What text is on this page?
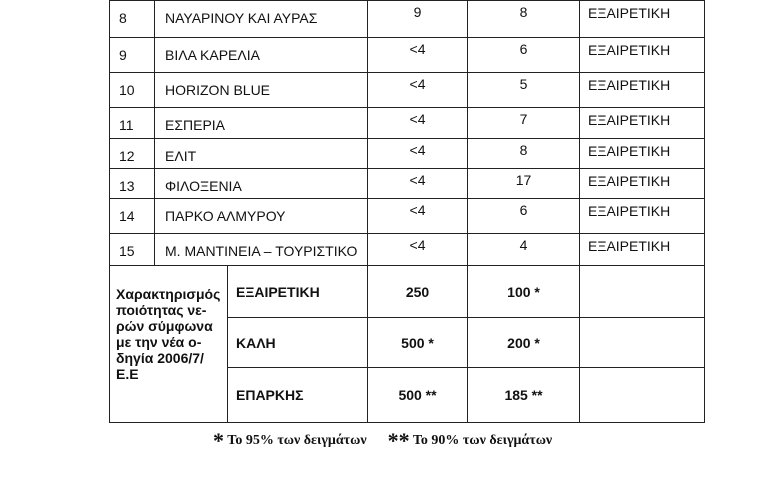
8	ΝΑΥΑΡΙΝΟΥ ΚΑΙ ΑΥΡΑΣ		9	8	ΕΞΑΙΡΕΤΙΚΗ
9	ΒΙΛΑ ΚΑΡΕΛΙΑ		<4	6	ΕΞΑΙΡΕΤΙΚΗ
10	HORIZON BLUE		<4	5	ΕΞΑΙΡΕΤΙΚΗ
11	ΕΣΠΕΡΙΑ		<4	7	ΕΞΑΙΡΕΤΙΚΗ
12	ΕΛΙΤ		<4	8	ΕΞΑΙΡΕΤΙΚΗ
13	ΦΙΛΟΞΕΝΙΑ		<4	17	ΕΞΑΙΡΕΤΙΚΗ
14	ΠΑΡΚΟ ΑΛΜΥΡΟΥ		<4	6	ΕΞΑΙΡΕΤΙΚΗ
15	Μ. ΜΑΝΤΙΝΕΙΑ – ΤΟΥΡΙΣΤΙΚΟ		<4	4	ΕΞΑΙΡΕΤΙΚΗ
Χαρακτηρισμός ποιότητας νε-ρών σύμφωνα με την νέα ο-δηγία 2006/7/Ε.Ε		ΕΞΑΙΡΕΤΙΚΗ	250	100 *	
		ΚΑΛΗ	500 *	200 *	
		ΕΠΑΡΚΗΣ	500 **	185 **	
* Το 95% των δειγμάτων ** Το 90% των δειγμάτων
